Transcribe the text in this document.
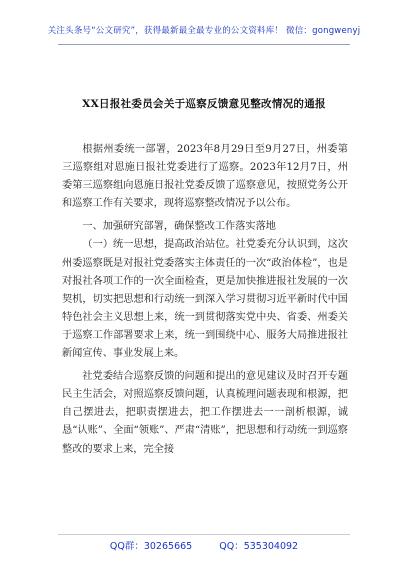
关注头条号“公文研究”，获得最新最全最专业的公文资料库！ 微信：gongwenyj
XX日报社委员会关于巡察反馈意见整改情况的通报

根据州委统一部署，2023年8月29日至9月27日，州委第三巡察组对恩施日报社党委进行了巡察。2023年12月7日，州委第三巡察组向恩施日报社党委反馈了巡察意见，按照党务公开和巡察工作有关要求，现将巡察整改情况予以公布。

一、加强研究部署，确保整改工作落实落地

（一）统一思想，提高政治站位。社党委充分认识到，这次州委巡察既是对报社党委落实主体责任的一次“政治体检”，也是对报社各项工作的一次全面检查，更是加快推进报社发展的一次契机，切实把思想和行动统一到深入学习贯彻习近平新时代中国特色社会主义思想上来，统一到贯彻落实党中央、省委、州委关于巡察工作部署要求上来，统一到围绕中心、服务大局推进报社新闻宣传、事业发展上来。

社党委结合巡察反馈的问题和提出的意见建议及时召开专题民主生活会，对照巡察反馈问题，认真梳理问题表现和根源，把自己摆进去，把职责摆进去，把工作摆进去一一剖析根源，诚恳“认账”、全面“领账”、严肃“清账”，把思想和行动统一到巡察整改的要求上来，完全接

QQ群：30265665	QQ：535304092
